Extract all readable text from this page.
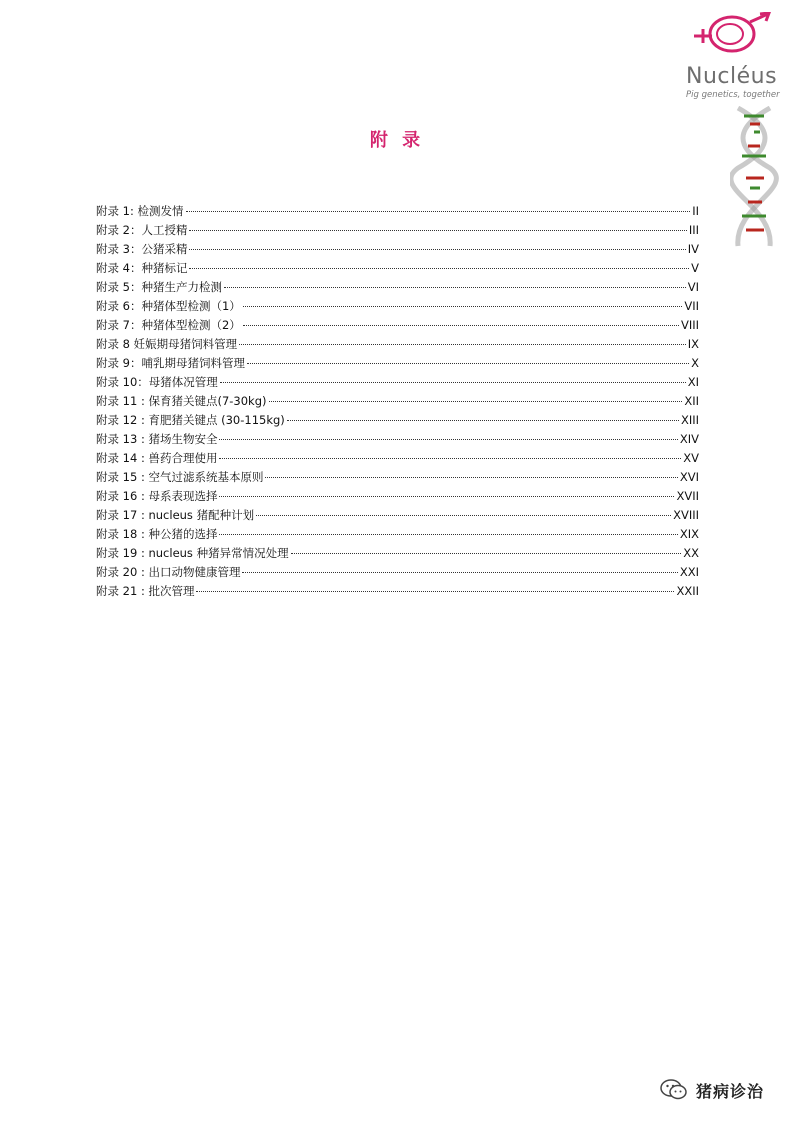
Nucléus
Pig genetics, together
附 录
附录 1: 检测发情	II
附录 2：人工授精	III
附录 3：公猪采精	IV
附录 4：种猪标记	V
附录 5：种猪生产力检测	VI
附录 6：种猪体型检测（1）	VII
附录 7：种猪体型检测（2）	VIII
附录 8 妊娠期母猪饲料管理	IX
附录 9：哺乳期母猪饲料管理	X
附录 10：母猪体况管理	XI
附录 11 : 保育猪关键点(7-30kg)	XII
附录 12 : 育肥猪关键点 (30-115kg)	XIII
附录 13 : 猪场生物安全	XIV
附录 14 : 兽药合理使用	XV
附录 15 : 空气过滤系统基本原则	XVI
附录 16 : 母系表现选择	XVII
附录 17 : nucleus 猪配种计划	XVIII
附录 18 : 种公猪的选择	XIX
附录 19 : nucleus 种猪异常情况处理	XX
附录 20 : 出口动物健康管理	XXI
附录 21 : 批次管理	XXII
猪病诊治
